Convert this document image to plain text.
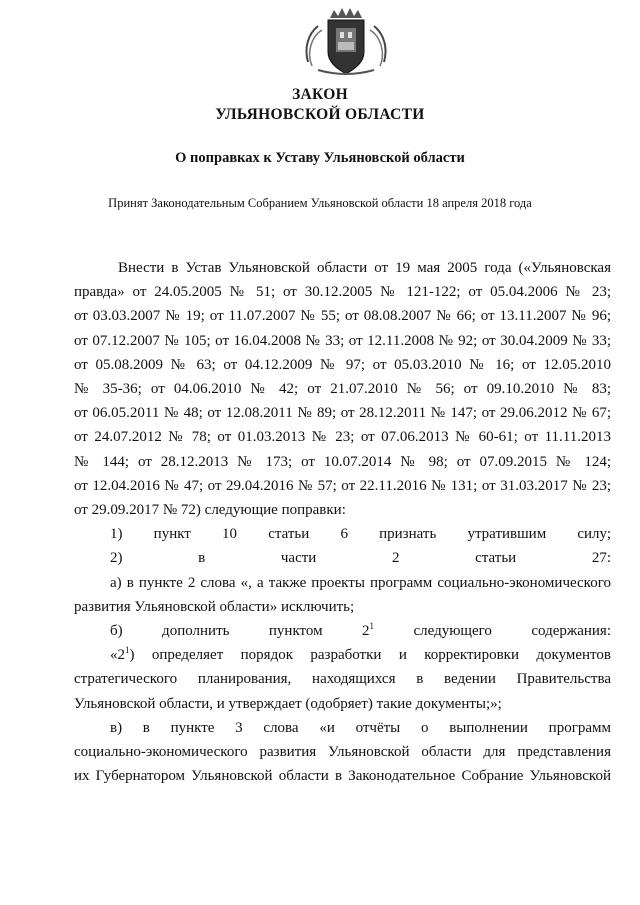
ЗАКОН
УЛЬЯНОВСКОЙ ОБЛАСТИ
О поправках к Уставу Ульяновской области
Принят Законодательным Собранием Ульяновской области 18 апреля 2018 года

Внести в Устав Ульяновской области от 19 мая 2005 года («Ульяновская

правда» от 24.05.2005 № 51; от 30.12.2005 № 121-122; от 05.04.2006 № 23;

от 03.03.2007 № 19; от 11.07.2007 № 55; от 08.08.2007 № 66; от 13.11.2007 № 96;

от 07.12.2007 № 105; от 16.04.2008 № 33; от 12.11.2008 № 92; от 30.04.2009 № 33;

от 05.08.2009 № 63; от 04.12.2009 № 97; от 05.03.2010 № 16; от 12.05.2010

№ 35-36; от 04.06.2010 № 42; от 21.07.2010 № 56; от 09.10.2010 № 83;

от 06.05.2011 № 48; от 12.08.2011 № 89; от 28.12.2011 № 147; от 29.06.2012 № 67;

от 24.07.2012 № 78; от 01.03.2013 № 23; от 07.06.2013 № 60-61; от 11.11.2013

№ 144; от 28.12.2013 № 173; от 10.07.2014 № 98; от 07.09.2015 № 124;

от 12.04.2016 № 47; от 29.04.2016 № 57; от 22.11.2016 № 131; от 31.03.2017 № 23;

от 29.09.2017 № 72) следующие поправки:

1) пункт 10 статьи 6 признать утратившим силу;

2) в части 2 статьи 27:

а) в пункте 2 слова «, а также проекты программ социально-экономического

развития Ульяновской области» исключить;

б) дополнить пунктом $2^1$ следующего содержания:

«$2^1$) определяет порядок разработки и корректировки документов

стратегического планирования, находящихся в ведении Правительства

Ульяновской области, и утверждает (одобряет) такие документы;»;

в) в пункте 3 слова «и отчёты о выполнении программ

социально-экономического развития Ульяновской области для представления

их Губернатором Ульяновской области в Законодательное Собрание Ульяновской
